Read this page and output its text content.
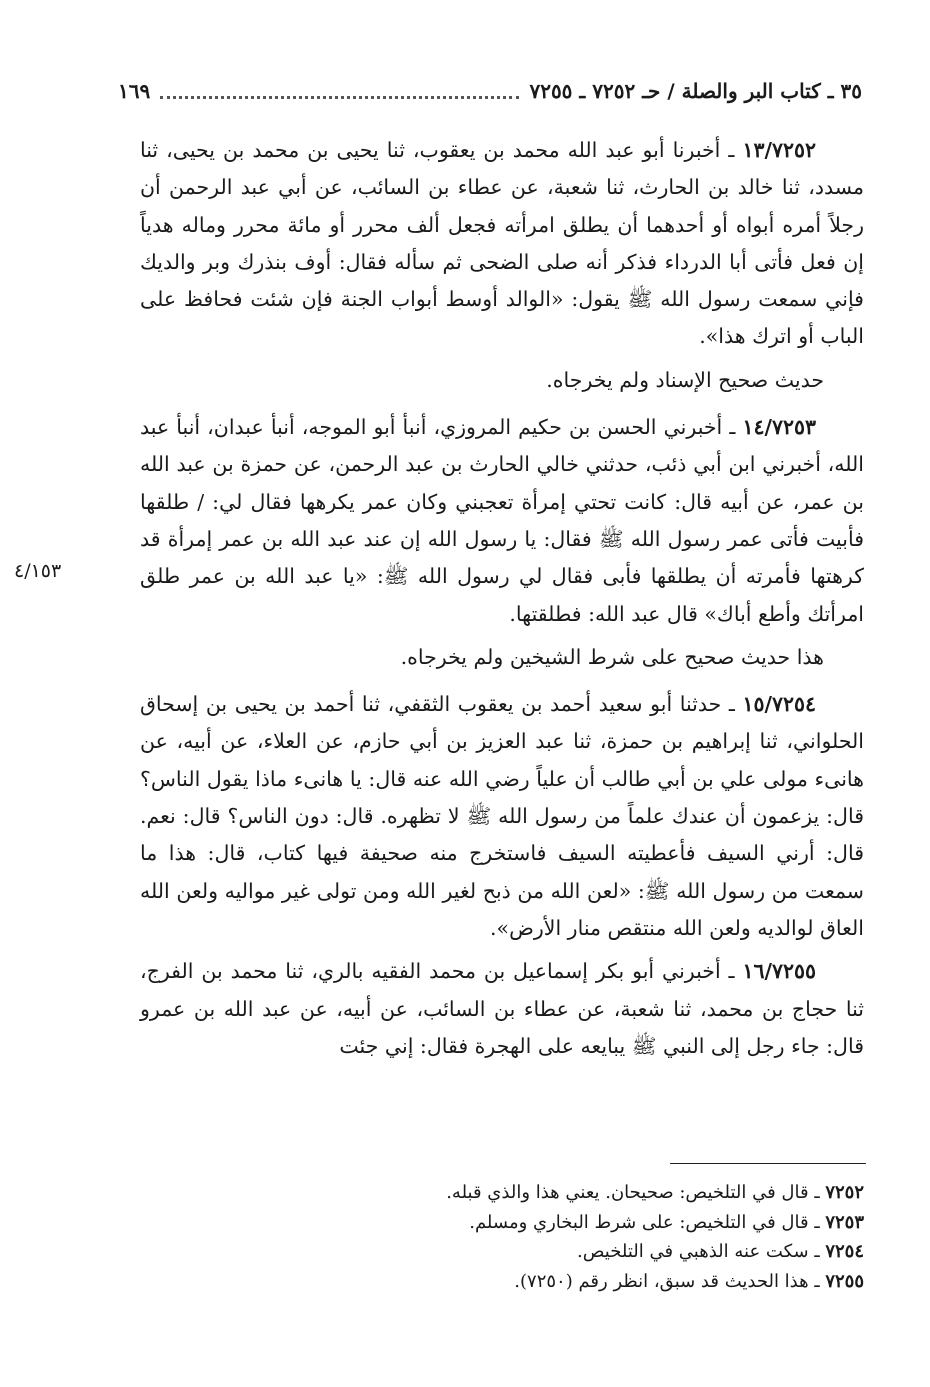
٣٥ ـ كتاب البر والصلة / حـ ٧٢٥٢ ـ ٧٢٥٥
١٦٩

١٣/٧٢٥٢ ـ أخبرنا أبو عبد الله محمد بن يعقوب، ثنا يحيى بن محمد بن يحيى، ثنا مسدد، ثنا خالد بن الحارث، ثنا شعبة، عن عطاء بن السائب، عن أبي عبد الرحمن أن رجلاً أمره أبواه أو أحدهما أن يطلق امرأته فجعل ألف محرر أو مائة محرر وماله هدياً إن فعل فأتى أبا الدرداء فذكر أنه صلى الضحى ثم سأله فقال: أوف بنذرك وبر والديك فإني سمعت رسول الله ﷺ يقول: «الوالد أوسط أبواب الجنة فإن شئت فحافظ على الباب أو اترك هذا».

حديث صحيح الإسناد ولم يخرجاه.

١٤/٧٢٥٣ ـ أخبرني الحسن بن حكيم المروزي، أنبأ أبو الموجه، أنبأ عبدان، أنبأ عبد الله، أخبرني ابن أبي ذئب، حدثني خالي الحارث بن عبد الرحمن، عن حمزة بن عبد الله بن عمر، عن أبيه قال: كانت تحتي إمرأة تعجبني وكان عمر يكرهها فقال لي: / طلقها فأبيت فأتى عمر رسول الله ﷺ فقال: يا رسول الله إن عند عبد الله بن عمر إمرأة قد كرهتها فأمرته أن يطلقها فأبى فقال لي رسول الله ﷺ: «يا عبد الله بن عمر طلق امرأتك وأطع أباك» قال عبد الله: فطلقتها.

هذا حديث صحيح على شرط الشيخين ولم يخرجاه.

١٥/٧٢٥٤ ـ حدثنا أبو سعيد أحمد بن يعقوب الثقفي، ثنا أحمد بن يحيى بن إسحاق الحلواني، ثنا إبراهيم بن حمزة، ثنا عبد العزيز بن أبي حازم، عن العلاء، عن أبيه، عن هانىء مولى علي بن أبي طالب أن علياً رضي الله عنه قال: يا هانىء ماذا يقول الناس؟ قال: يزعمون أن عندك علماً من رسول الله ﷺ لا تظهره. قال: دون الناس؟ قال: نعم. قال: أرني السيف فأعطيته السيف فاستخرج منه صحيفة فيها كتاب، قال: هذا ما سمعت من رسول الله ﷺ: «لعن الله من ذبح لغير الله ومن تولى غير مواليه ولعن الله العاق لوالديه ولعن الله منتقص منار الأرض».

١٦/٧٢٥٥ ـ أخبرني أبو بكر إسماعيل بن محمد الفقيه بالري، ثنا محمد بن الفرج، ثنا حجاج بن محمد، ثنا شعبة، عن عطاء بن السائب، عن أبيه، عن عبد الله بن عمرو قال: جاء رجل إلى النبي ﷺ يبايعه على الهجرة فقال: إني جئت

٤/١٥٣
٧٢٥٢ ـ قال في التلخيص: صحيحان. يعني هذا والذي قبله.
٧٢٥٣ ـ قال في التلخيص: على شرط البخاري ومسلم.
٧٢٥٤ ـ سكت عنه الذهبي في التلخيص.
٧٢٥٥ ـ هذا الحديث قد سبق، انظر رقم (٧٢٥٠).
